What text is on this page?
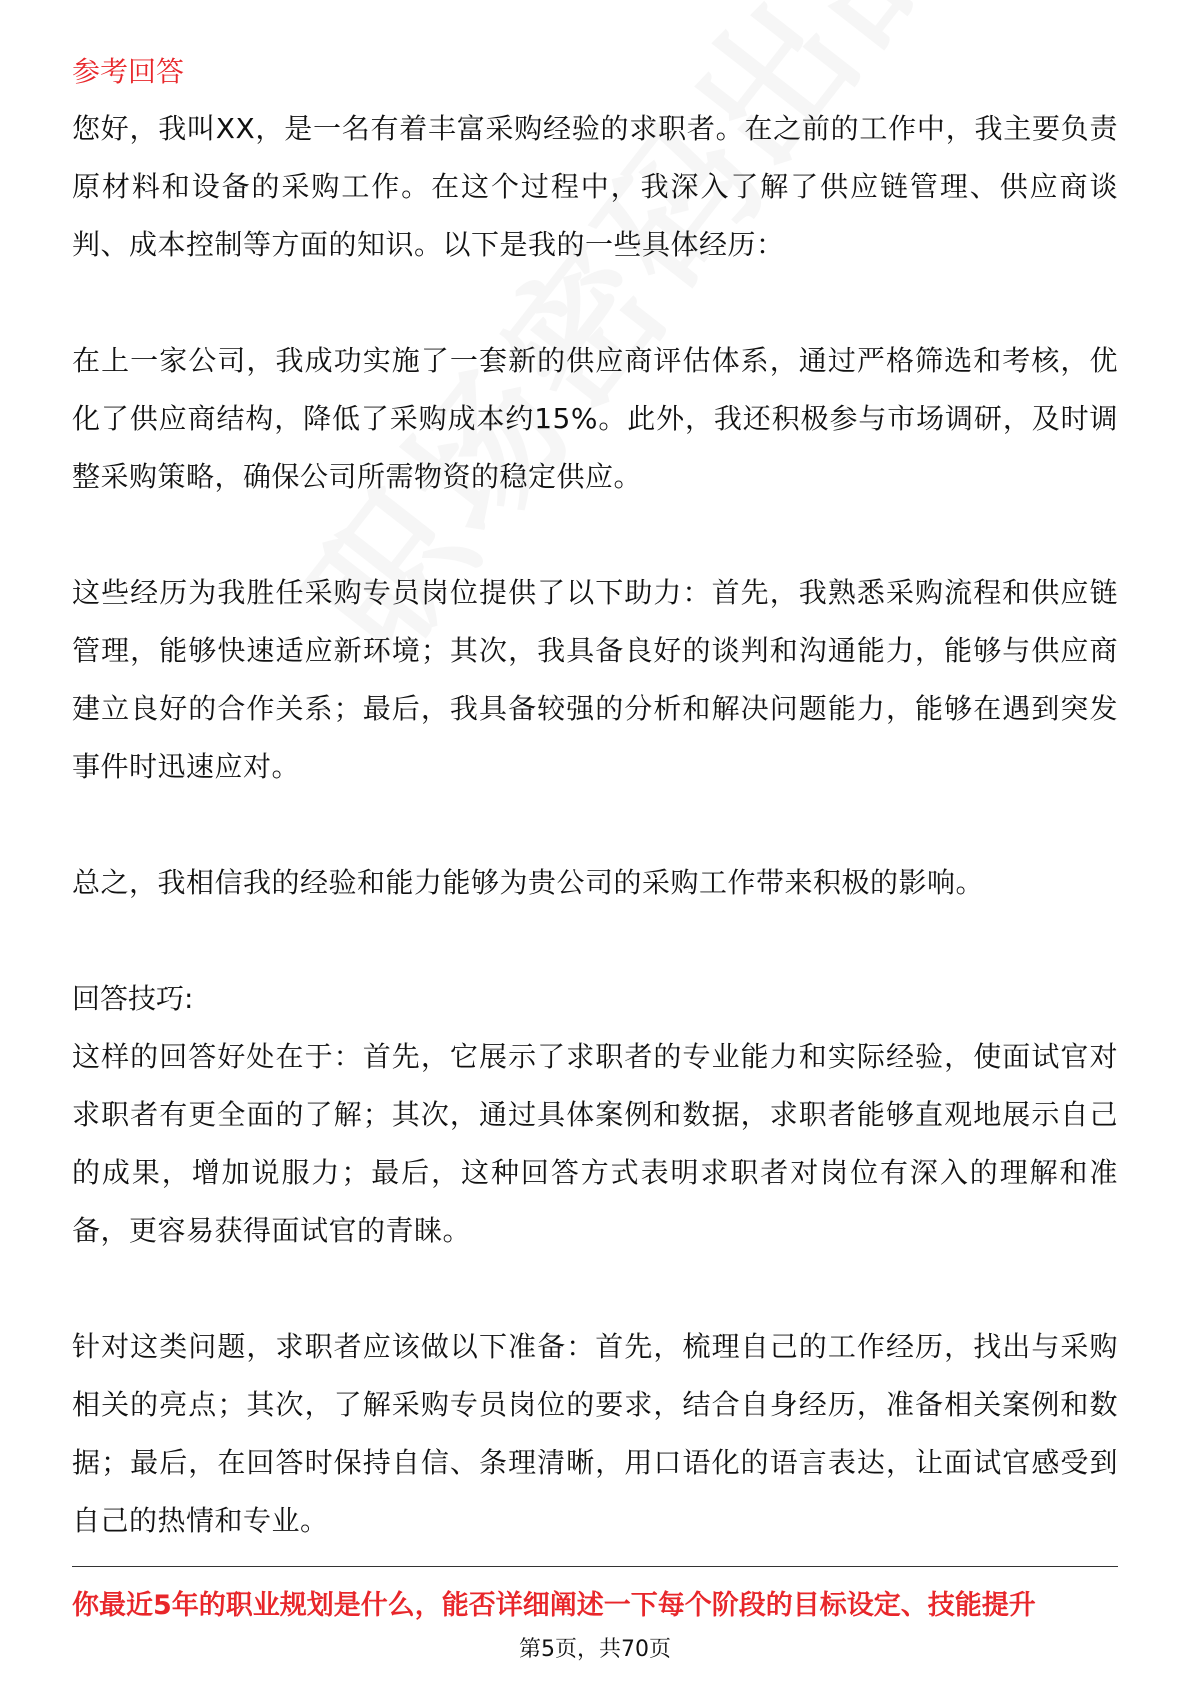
参考回答

您好，我叫XX，是一名有着丰富采购经验的求职者。在之前的工作中，我主要负责原材料和设备的采购工作。在这个过程中，我深入了解了供应链管理、供应商谈判、成本控制等方面的知识。以下是我的一些具体经历：

在上一家公司，我成功实施了一套新的供应商评估体系，通过严格筛选和考核，优化了供应商结构，降低了采购成本约15%。此外，我还积极参与市场调研，及时调整采购策略，确保公司所需物资的稳定供应。

这些经历为我胜任采购专员岗位提供了以下助力：首先，我熟悉采购流程和供应链管理，能够快速适应新环境；其次，我具备良好的谈判和沟通能力，能够与供应商建立良好的合作关系；最后，我具备较强的分析和解决问题能力，能够在遇到突发事件时迅速应对。

总之，我相信我的经验和能力能够为贵公司的采购工作带来积极的影响。

回答技巧:

这样的回答好处在于：首先，它展示了求职者的专业能力和实际经验，使面试官对求职者有更全面的了解；其次，通过具体案例和数据，求职者能够直观地展示自己的成果，增加说服力；最后，这种回答方式表明求职者对岗位有深入的理解和准备，更容易获得面试官的青睐。

针对这类问题，求职者应该做以下准备：首先，梳理自己的工作经历，找出与采购相关的亮点；其次，了解采购专员岗位的要求，结合自身经历，准备相关案例和数据；最后，在回答时保持自信、条理清晰，用口语化的语言表达，让面试官感受到自己的热情和专业。

你最近5年的职业规划是什么，能否详细阐述一下每个阶段的目标设定、技能提升
第5页，共70页
